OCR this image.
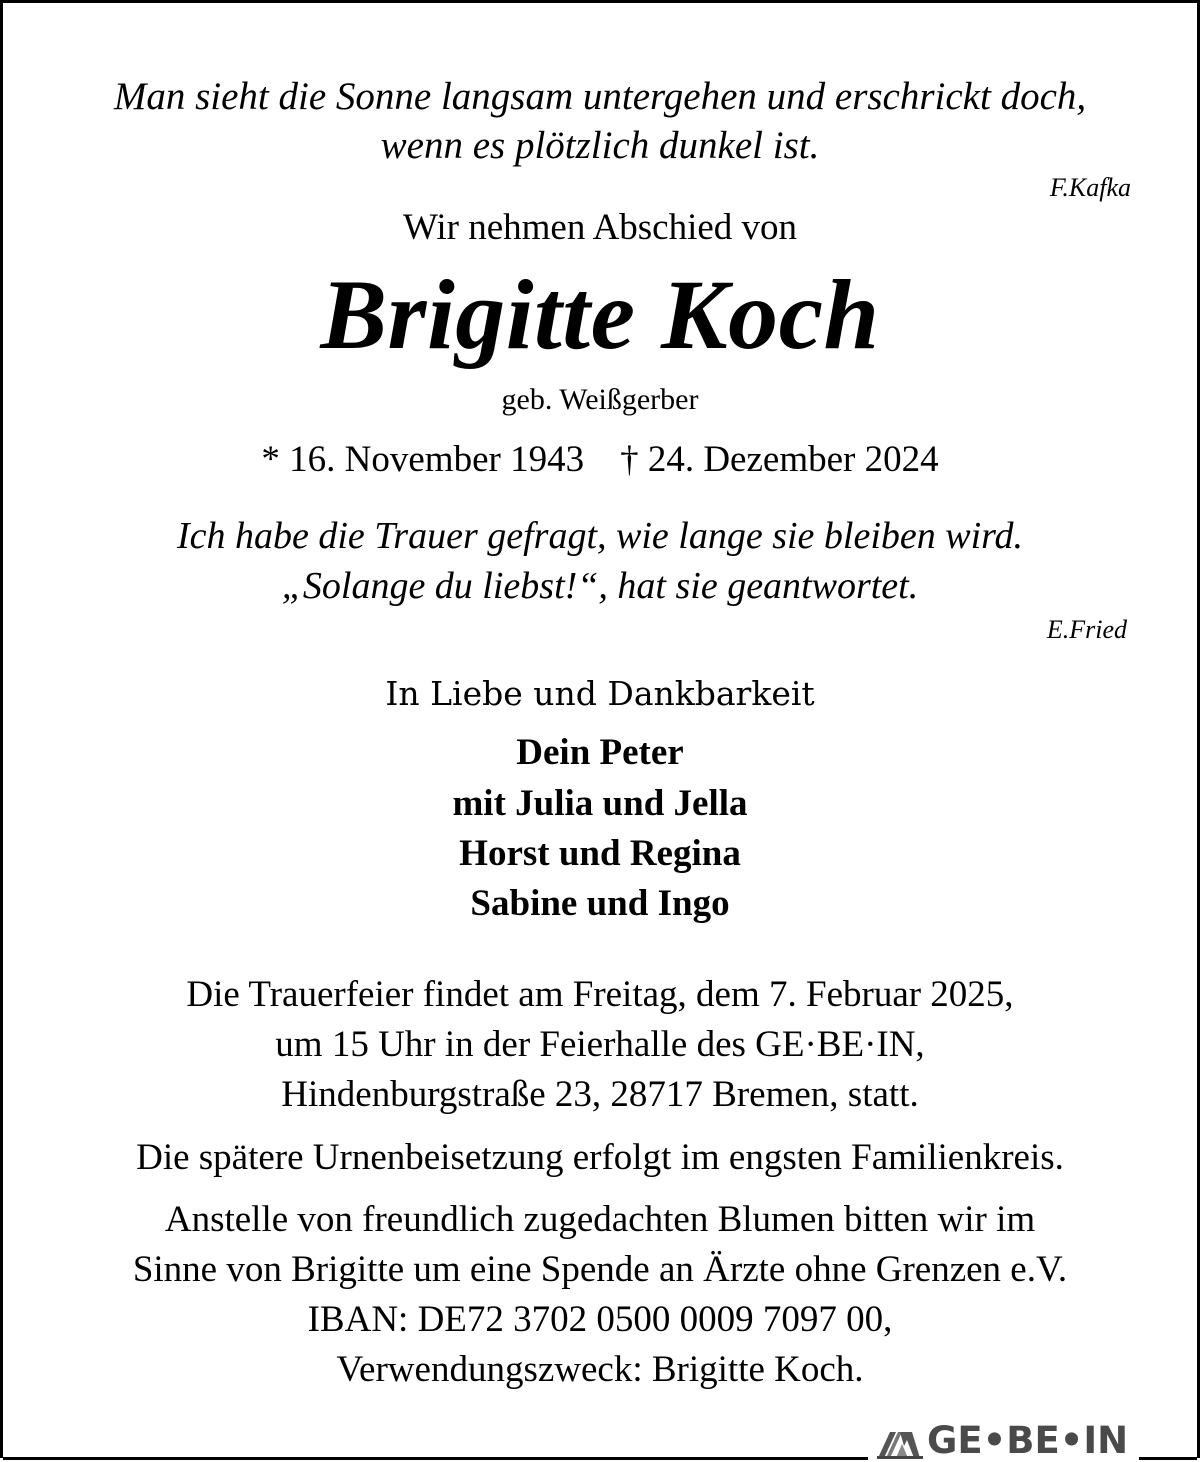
Man sieht die Sonne langsam untergehen und erschrickt doch,
wenn es plötzlich dunkel ist.
F.Kafka
Wir nehmen Abschied von
Brigitte Koch
geb. Weißgerber
* 16. November 1943 † 24. Dezember 2024
Ich habe die Trauer gefragt, wie lange sie bleiben wird.
„Solange du liebst!“, hat sie geantwortet.
E.Fried
In Liebe und Dankbarkeit
Dein Peter
mit Julia und Jella
Horst und Regina
Sabine und Ingo
Die Trauerfeier findet am Freitag, dem 7. Februar 2025,
um 15 Uhr in der Feierhalle des GE·BE·IN,
Hindenburgstraße 23, 28717 Bremen, statt.
Die spätere Urnenbeisetzung erfolgt im engsten Familienkreis.
Anstelle von freundlich zugedachten Blumen bitten wir im
Sinne von Brigitte um eine Spende an Ärzte ohne Grenzen e.V.
IBAN: DE72 3702 0500 0009 7097 00,
Verwendungszweck: Brigitte Koch.
GE•BE•IN
